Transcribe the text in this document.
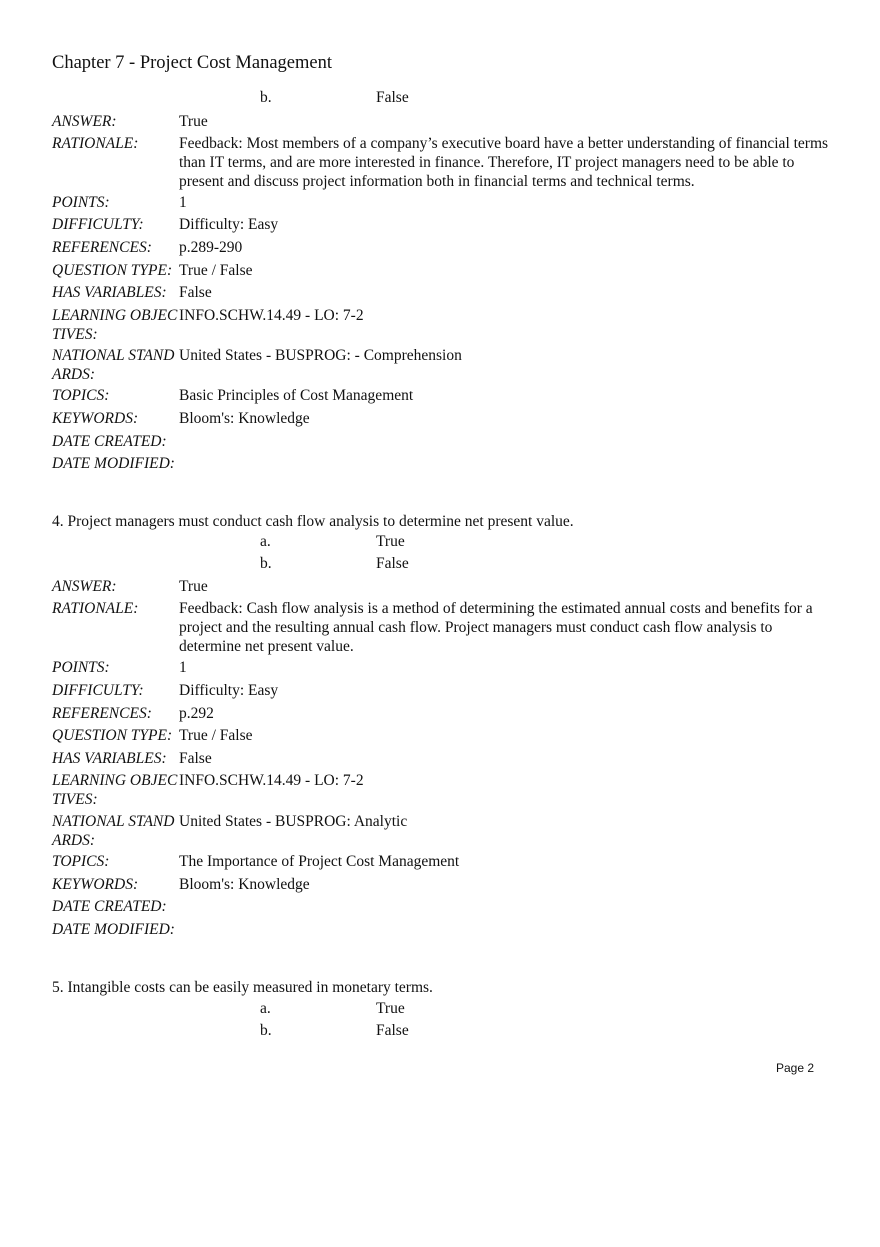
Chapter 7 - Project Cost Management
b.	False
ANSWER:	True
RATIONALE:	Feedback: Most members of a company’s executive board have a better understanding of financial terms than IT terms, and are more interested in finance. Therefore, IT project managers need to be able to present and discuss project information both in financial terms and technical terms.
POINTS:	1
DIFFICULTY:	Difficulty: Easy
REFERENCES:	p.289-290
QUESTION TYPE: True / False
HAS VARIABLES: False
LEARNING OBJECTIVES:
INFO.SCHW.14.49 - LO: 7-2
NATIONAL STANDARDS:
United States - BUSPROG: - Comprehension
TOPICS:	Basic Principles of Cost Management
KEYWORDS:	Bloom's: Knowledge
DATE CREATED:
DATE MODIFIED:
4. Project managers must conduct cash flow analysis to determine net present value.
a.	True
b.	False
ANSWER:	True
RATIONALE:	Feedback: Cash flow analysis is a method of determining the estimated annual costs and benefits for a project and the resulting annual cash flow. Project managers must conduct cash flow analysis to determine net present value.
POINTS:	1
DIFFICULTY:	Difficulty: Easy
REFERENCES:	p.292
QUESTION TYPE: True / False
HAS VARIABLES: False
LEARNING OBJECTIVES:
INFO.SCHW.14.49 - LO: 7-2
NATIONAL STANDARDS:
United States - BUSPROG: Analytic
TOPICS:	The Importance of Project Cost Management
KEYWORDS:	Bloom's: Knowledge
DATE CREATED:
DATE MODIFIED:
5. Intangible costs can be easily measured in monetary terms.
a.	True
b.	False
Page 2
